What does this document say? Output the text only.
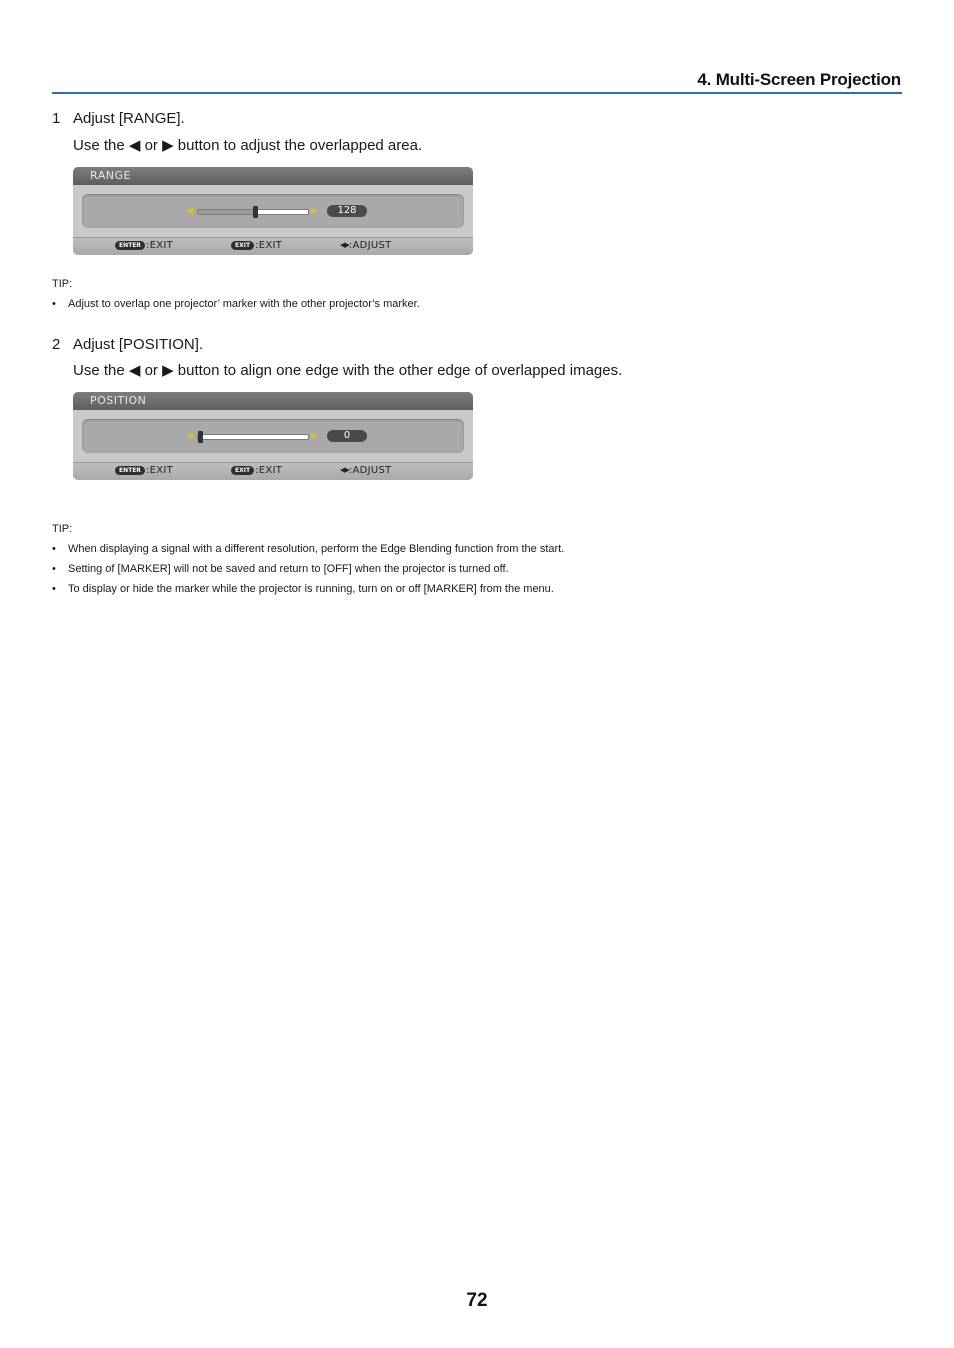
4. Multi-Screen Projection
1 Adjust [RANGE].
Use the ◀ or ▶ button to adjust the overlapped area.
RANGE
◀	▶	128
ENTER :EXIT	EXIT :EXIT	◀▶:ADJUST
TIP:
• Adjust to overlap one projector’ marker with the other projector’s marker.
2 Adjust [POSITION].
Use the ◀ or ▶ button to align one edge with the other edge of overlapped images.
POSITION
◀	▶	0
ENTER :EXIT	EXIT :EXIT	◀▶:ADJUST
TIP:
• When displaying a signal with a different resolution, perform the Edge Blending function from the start.
• Setting of [MARKER] will not be saved and return to [OFF] when the projector is turned off.
• To display or hide the marker while the projector is running, turn on or off [MARKER] from the menu.
72
